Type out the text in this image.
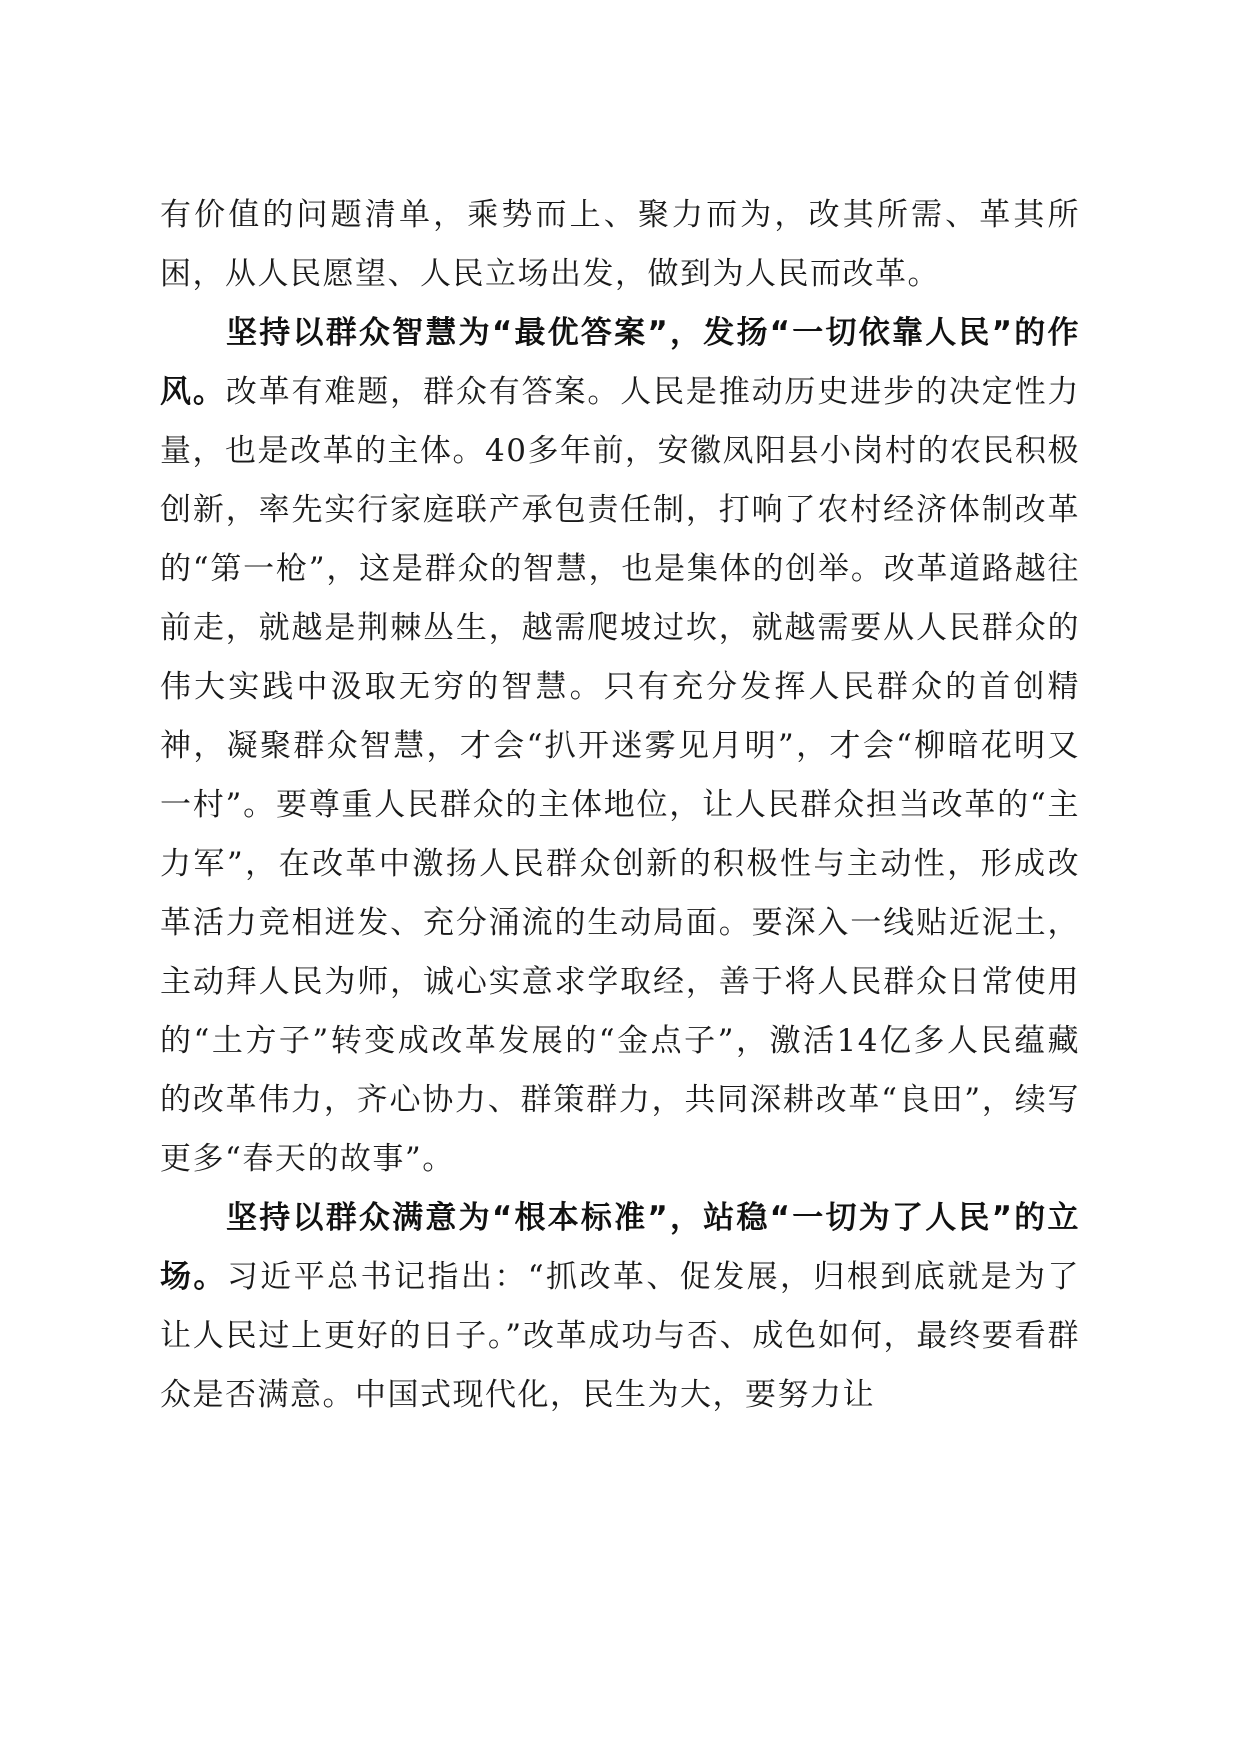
有价值的问题清单，乘势而上、聚力而为，改其所需、革其所困，从人民愿望、人民立场出发，做到为人民而改革。

坚持以群众智慧为“最优答案”，发扬“一切依靠人民”的作风。改革有难题，群众有答案。人民是推动历史进步的决定性力量，也是改革的主体。40多年前，安徽凤阳县小岗村的农民积极创新，率先实行家庭联产承包责任制，打响了农村经济体制改革的“第一枪”，这是群众的智慧，也是集体的创举。改革道路越往前走，就越是荆棘丛生，越需爬坡过坎，就越需要从人民群众的伟大实践中汲取无穷的智慧。只有充分发挥人民群众的首创精神，凝聚群众智慧，才会“扒开迷雾见月明”，才会“柳暗花明又一村”。要尊重人民群众的主体地位，让人民群众担当改革的“主力军”，在改革中激扬人民群众创新的积极性与主动性，形成改革活力竞相迸发、充分涌流的生动局面。要深入一线贴近泥土，主动拜人民为师，诚心实意求学取经，善于将人民群众日常使用的“土方子”转变成改革发展的“金点子”，激活14亿多人民蕴藏的改革伟力，齐心协力、群策群力，共同深耕改革“良田”，续写更多“春天的故事”。

坚持以群众满意为“根本标准”，站稳“一切为了人民”的立场。习近平总书记指出：“抓改革、促发展，归根到底就是为了让人民过上更好的日子。”改革成功与否、成色如何，最终要看群众是否满意。中国式现代化，民生为大，要努力让
